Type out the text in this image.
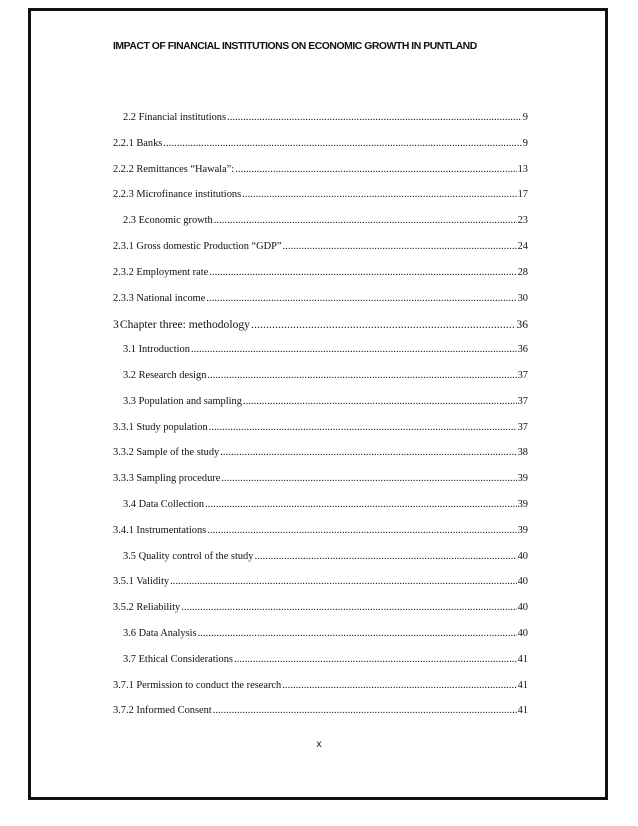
IMPACT OF FINANCIAL INSTITUTIONS ON ECONOMIC GROWTH IN PUNTLAND
2.2 Financial institutions .....	9
2.2.1 Banks .....	9
2.2.2 Remittances “Hawala”: .....	13
2.2.3 Microfinance institutions .....	17
2.3 Economic growth .....	23
2.3.1 Gross domestic Production “GDP” .....	24
2.3.2 Employment rate .....	28
2.3.3 National income .....	30
3 Chapter three: methodology .....	36
3.1 Introduction .....	36
3.2 Research design .....	37
3.3 Population and sampling .....	37
3.3.1 Study population .....	37
3.3.2 Sample of the study .....	38
3.3.3 Sampling procedure .....	39
3.4 Data Collection .....	39
3.4.1 Instrumentations .....	39
3.5 Quality control of the study .....	40
3.5.1 Validity .....	40
3.5.2 Reliability .....	40
3.6 Data Analysis .....	40
3.7 Ethical Considerations .....	41
3.7.1 Permission to conduct the research .....	41
3.7.2 Informed Consent .....	41
x
